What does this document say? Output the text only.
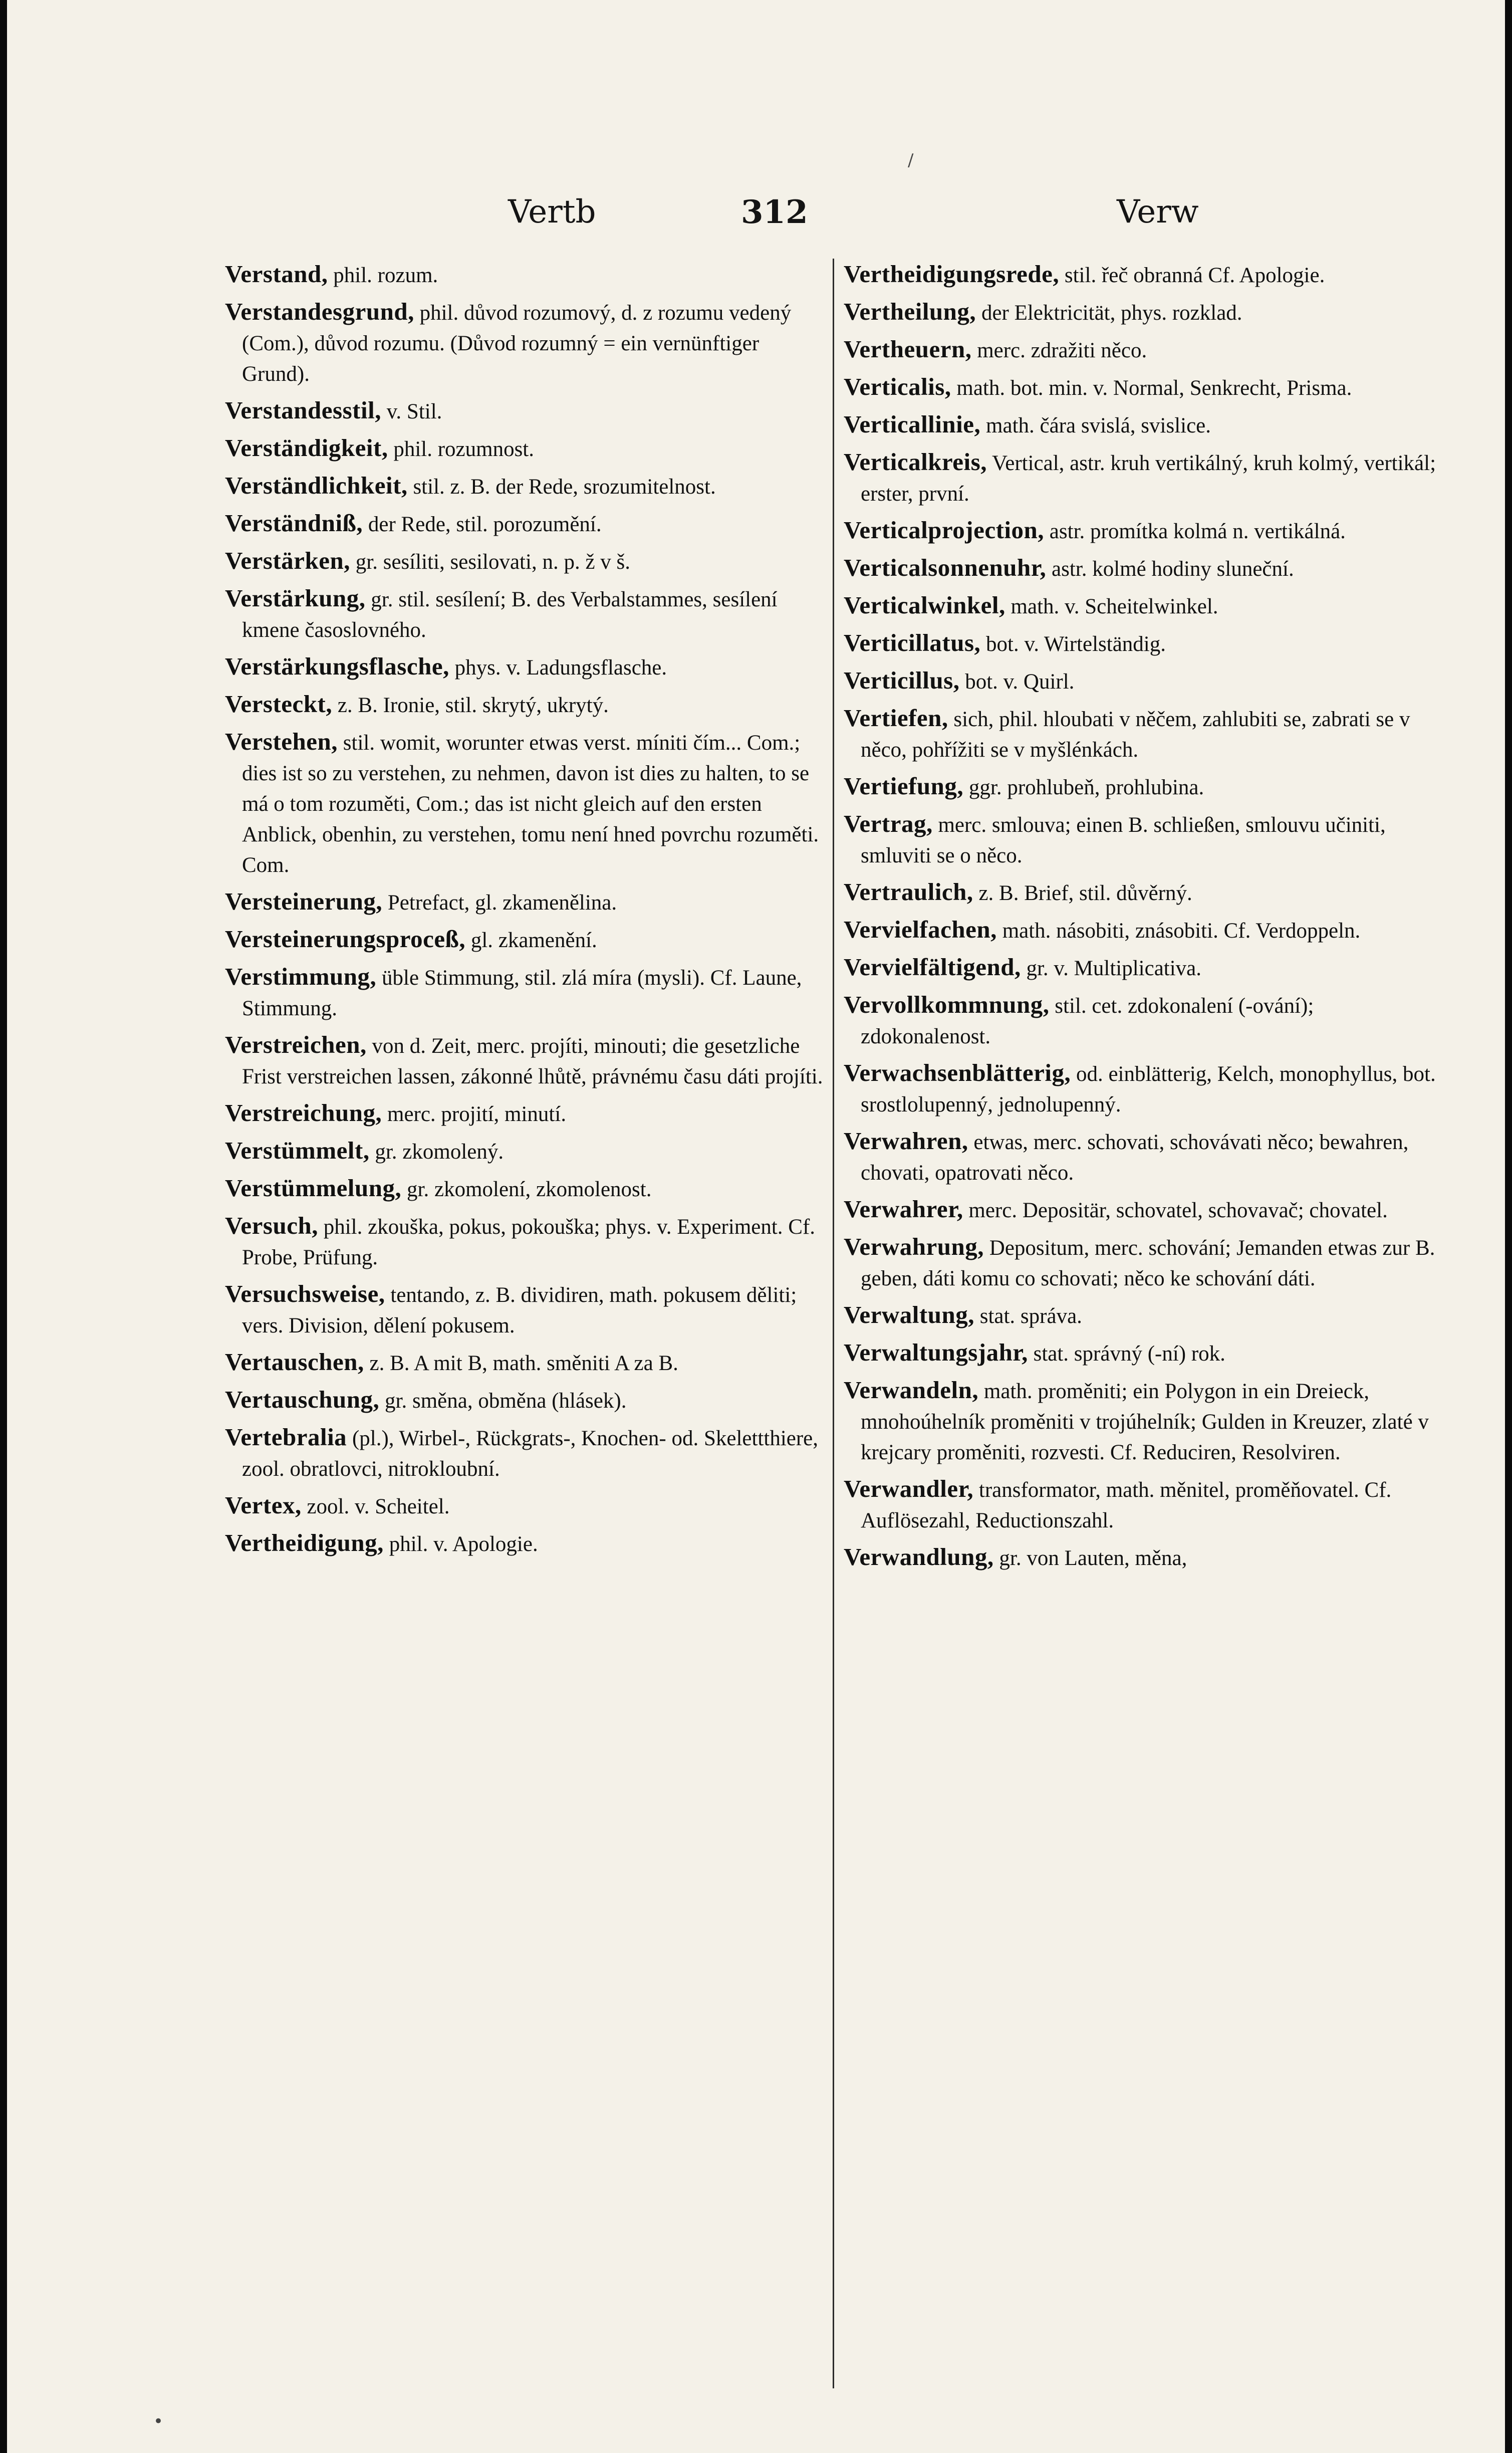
/
Vertb	312	Verw

Verstand, phil. rozum.

Verstandesgrund, phil. důvod rozumový, d. z rozumu vedený (Com.), důvod rozumu. (Důvod rozumný = ein vernünftiger Grund).

Verstandesstil, v. Stil.

Verständigkeit, phil. rozumnost.

Verständlichkeit, stil. z. B. der Rede, srozumitelnost.

Verständniß, der Rede, stil. porozumění.

Verstärken, gr. sesíliti, sesilovati, n. p. ž v š.

Verstärkung, gr. stil. sesílení; B. des Verbalstammes, sesílení kmene časoslovného.

Verstärkungsflasche, phys. v. Ladungsflasche.

Versteckt, z. B. Ironie, stil. skrytý, ukrytý.

Verstehen, stil. womit, worunter etwas verst. míniti čím... Com.; dies ist so zu verstehen, zu nehmen, davon ist dies zu halten, to se má o tom rozuměti, Com.; das ist nicht gleich auf den ersten Anblick, obenhin, zu verstehen, tomu není hned povrchu rozuměti. Com.

Versteinerung, Petrefact, gl. zkamenělina.

Versteinerungsproceß, gl. zkamenění.

Verstimmung, üble Stimmung, stil. zlá míra (mysli). Cf. Laune, Stimmung.

Verstreichen, von d. Zeit, merc. projíti, minouti; die gesetzliche Frist verstreichen lassen, zákonné lhůtě, právnému času dáti projíti.

Verstreichung, merc. projití, minutí.

Verstümmelt, gr. zkomolený.

Verstümmelung, gr. zkomolení, zkomolenost.

Versuch, phil. zkouška, pokus, pokouška; phys. v. Experiment. Cf. Probe, Prüfung.

Versuchsweise, tentando, z. B. dividiren, math. pokusem děliti; vers. Division, dělení pokusem.

Vertauschen, z. B. A mit B, math. směniti A za B.

Vertauschung, gr. směna, obměna (hlásek).

Vertebralia (pl.), Wirbel-, Rückgrats-, Knochen- od. Skelettthiere, zool. obratlovci, nitrokloubní.

Vertex, zool. v. Scheitel.

Vertheidigung, phil. v. Apologie.

Vertheidigungsrede, stil. řeč obranná Cf. Apologie.

Vertheilung, der Elektricität, phys. rozklad.

Vertheuern, merc. zdražiti něco.

Verticalis, math. bot. min. v. Normal, Senkrecht, Prisma.

Verticallinie, math. čára svislá, svislice.

Verticalkreis, Vertical, astr. kruh vertikálný, kruh kolmý, vertikál; erster, první.

Verticalprojection, astr. promítka kolmá n. vertikálná.

Verticalsonnenuhr, astr. kolmé hodiny sluneční.

Verticalwinkel, math. v. Scheitelwinkel.

Verticillatus, bot. v. Wirtelständig.

Verticillus, bot. v. Quirl.

Vertiefen, sich, phil. hloubati v něčem, zahlubiti se, zabrati se v něco, pohřížiti se v myšlénkách.

Vertiefung, ggr. prohlubeň, prohlubina.

Vertrag, merc. smlouva; einen B. schließen, smlouvu učiniti, smluviti se o něco.

Vertraulich, z. B. Brief, stil. důvěrný.

Vervielfachen, math. násobiti, znásobiti. Cf. Verdoppeln.

Vervielfältigend, gr. v. Multiplicativa.

Vervollkommnung, stil. cet. zdokonalení (-ování); zdokonalenost.

Verwachsenblätterig, od. einblätterig, Kelch, monophyllus, bot. srostlolupenný, jednolupenný.

Verwahren, etwas, merc. schovati, schovávati něco; bewahren, chovati, opatrovati něco.

Verwahrer, merc. Depositär, schovatel, schovavač; chovatel.

Verwahrung, Depositum, merc. schování; Jemanden etwas zur B. geben, dáti komu co schovati; něco ke schování dáti.

Verwaltung, stat. správa.

Verwaltungsjahr, stat. správný (-ní) rok.

Verwandeln, math. proměniti; ein Polygon in ein Dreieck, mnohoúhelník proměniti v trojúhelník; Gulden in Kreuzer, zlaté v krejcary proměniti, rozvesti. Cf. Reduciren, Resolviren.

Verwandler, transformator, math. měnitel, proměňovatel. Cf. Auflösezahl, Reductionszahl.

Verwandlung, gr. von Lauten, měna,

•
